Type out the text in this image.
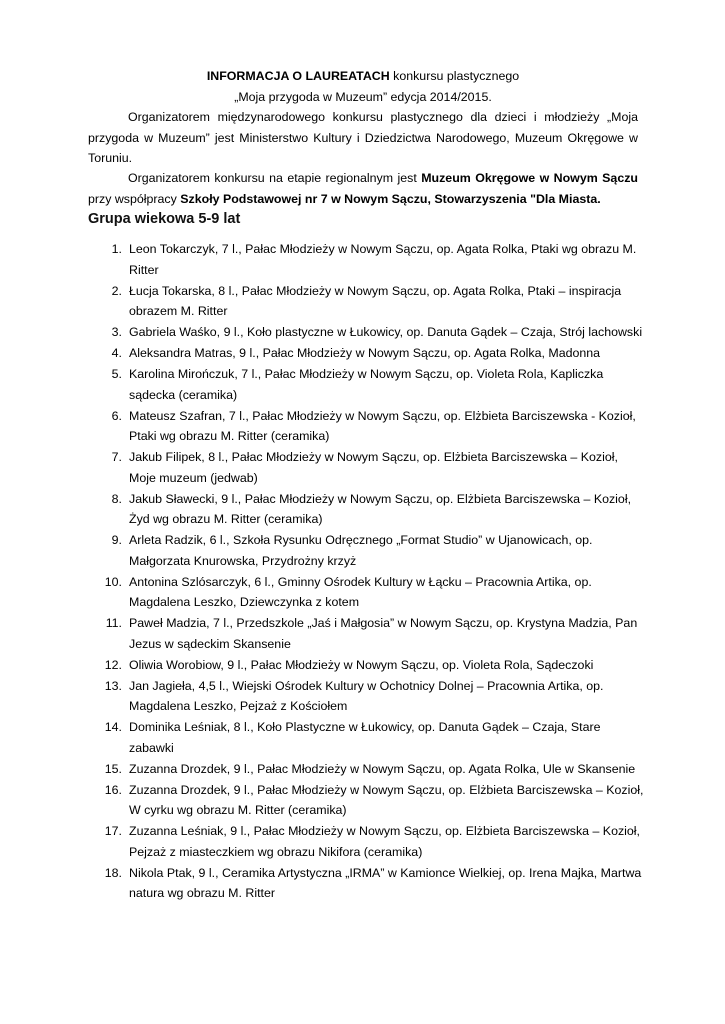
INFORMACJA O LAUREATACH konkursu plastycznego
„Moja przygoda w Muzeum” edycja 2014/2015.
Organizatorem międzynarodowego konkursu plastycznego dla dzieci i młodzieży „Moja przygoda w Muzeum” jest Ministerstwo Kultury i Dziedzictwa Narodowego, Muzeum Okręgowe w Toruniu.
Organizatorem konkursu na etapie regionalnym jest Muzeum Okręgowe w Nowym Sączu przy współpracy Szkoły Podstawowej nr 7 w Nowym Sączu, Stowarzyszenia "Dla Miasta.
Grupa wiekowa 5-9 lat
1. Leon Tokarczyk, 7 l., Pałac Młodzieży w Nowym Sączu, op. Agata Rolka, Ptaki wg obrazu M. Ritter
2. Łucja Tokarska, 8 l., Pałac Młodzieży w Nowym Sączu, op. Agata Rolka, Ptaki – inspiracja obrazem M. Ritter
3. Gabriela Waśko, 9 l., Koło plastyczne w Łukowicy, op. Danuta Gądek – Czaja, Strój lachowski
4. Aleksandra Matras, 9 l., Pałac Młodzieży w Nowym Sączu, op. Agata Rolka, Madonna
5. Karolina Mirończuk, 7 l., Pałac Młodzieży w Nowym Sączu, op. Violeta Rola, Kapliczka sądecka (ceramika)
6. Mateusz Szafran, 7 l., Pałac Młodzieży w Nowym Sączu, op. Elżbieta Barciszewska - Kozioł, Ptaki wg obrazu M. Ritter (ceramika)
7. Jakub Filipek, 8 l., Pałac Młodzieży w Nowym Sączu, op. Elżbieta Barciszewska – Kozioł, Moje muzeum (jedwab)
8. Jakub Sławecki, 9 l., Pałac Młodzieży w Nowym Sączu, op. Elżbieta Barciszewska – Kozioł, Żyd wg obrazu M. Ritter (ceramika)
9. Arleta Radzik, 6 l., Szkoła Rysunku Odręcznego „Format Studio” w Ujanowicach, op. Małgorzata Knurowska, Przydrożny krzyż
10. Antonina Szlósarczyk, 6 l., Gminny Ośrodek Kultury w Łącku – Pracownia Artika, op. Magdalena Leszko, Dziewczynka z kotem
11. Paweł Madzia, 7 l., Przedszkole „Jaś i Małgosia” w Nowym Sączu, op. Krystyna Madzia, Pan Jezus w sądeckim Skansenie
12. Oliwia Worobiow, 9 l., Pałac Młodzieży w Nowym Sączu, op. Violeta Rola, Sądeczoki
13. Jan Jagieła, 4,5 l., Wiejski Ośrodek Kultury w Ochotnicy Dolnej – Pracownia Artika, op. Magdalena Leszko, Pejzaż z Kościołem
14. Dominika Leśniak, 8 l., Koło Plastyczne w Łukowicy, op. Danuta Gądek – Czaja, Stare zabawki
15. Zuzanna Drozdek, 9 l., Pałac Młodzieży w Nowym Sączu, op. Agata Rolka, Ule w Skansenie
16. Zuzanna Drozdek, 9 l., Pałac Młodzieży w Nowym Sączu, op. Elżbieta Barciszewska – Kozioł, W cyrku wg obrazu M. Ritter (ceramika)
17. Zuzanna Leśniak, 9 l., Pałac Młodzieży w Nowym Sączu, op. Elżbieta Barciszewska – Kozioł, Pejzaż z miasteczkiem wg obrazu Nikifora (ceramika)
18. Nikola Ptak, 9 l., Ceramika Artystyczna „IRMA” w Kamionce Wielkiej, op. Irena Majka, Martwa natura wg obrazu M. Ritter
